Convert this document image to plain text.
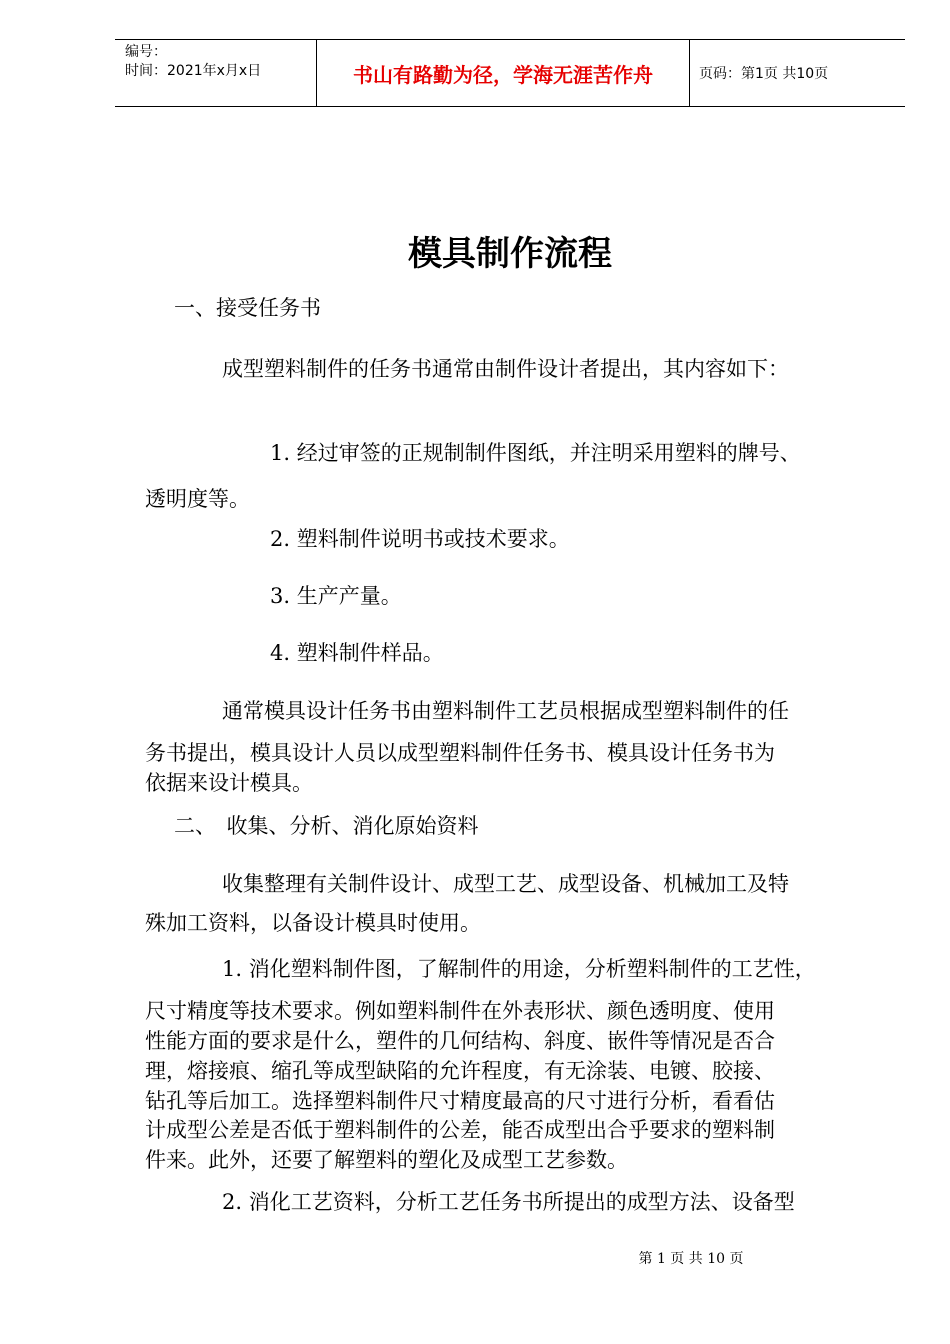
编号：
时间：2021年x月x日	书山有路勤为径，学海无涯苦作舟	页码：第1页 共10页
模具制作流程
一、接受任务书
成型塑料制件的任务书通常由制件设计者提出，其内容如下：
1. 经过审签的正规制制件图纸，并注明采用塑料的牌号、
透明度等。
2. 塑料制件说明书或技术要求。
3. 生产产量。
4. 塑料制件样品。
通常模具设计任务书由塑料制件工艺员根据成型塑料制件的任
务书提出，模具设计人员以成型塑料制件任务书、模具设计任务书为
依据来设计模具。
二、　收集、分析、消化原始资料
收集整理有关制件设计、成型工艺、成型设备、机械加工及特
殊加工资料，以备设计模具时使用。
1. 消化塑料制件图，了解制件的用途，分析塑料制件的工艺性，
尺寸精度等技术要求。例如塑料制件在外表形状、颜色透明度、使用
性能方面的要求是什么，塑件的几何结构、斜度、嵌件等情况是否合
理，熔接痕、缩孔等成型缺陷的允许程度，有无涂装、电镀、胶接、
钻孔等后加工。选择塑料制件尺寸精度最高的尺寸进行分析，看看估
计成型公差是否低于塑料制件的公差，能否成型出合乎要求的塑料制
件来。此外，还要了解塑料的塑化及成型工艺参数。
2. 消化工艺资料，分析工艺任务书所提出的成型方法、设备型
第 1 页 共 10 页
